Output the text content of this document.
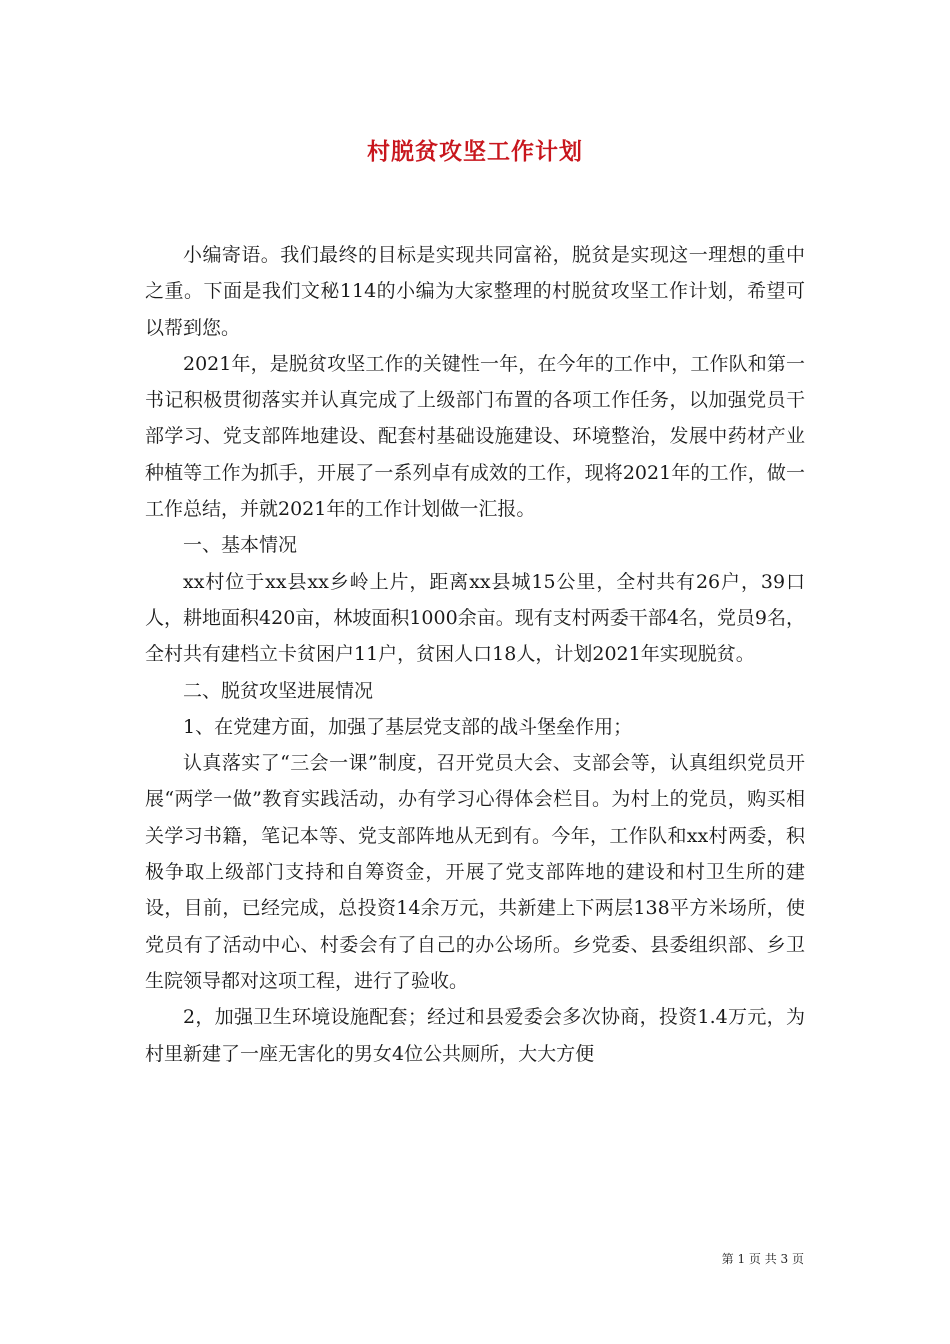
村脱贫攻坚工作计划

小编寄语。我们最终的目标是实现共同富裕，脱贫是实现这一理想的重中之重。下面是我们文秘114的小编为大家整理的村脱贫攻坚工作计划，希望可以帮到您。

2021年，是脱贫攻坚工作的关键性一年，在今年的工作中，工作队和第一书记积极贯彻落实并认真完成了上级部门布置的各项工作任务，以加强党员干部学习、党支部阵地建设、配套村基础设施建设、环境整治，发展中药材产业种植等工作为抓手，开展了一系列卓有成效的工作，现将2021年的工作，做一工作总结，并就2021年的工作计划做一汇报。

一、基本情况

xx村位于xx县xx乡岭上片，距离xx县城15公里，全村共有26户，39口人，耕地面积420亩，林坡面积1000余亩。现有支村两委干部4名，党员9名，全村共有建档立卡贫困户11户，贫困人口18人，计划2021年实现脱贫。

二、脱贫攻坚进展情况

1、在党建方面，加强了基层党支部的战斗堡垒作用；

认真落实了“三会一课”制度，召开党员大会、支部会等，认真组织党员开展“两学一做”教育实践活动，办有学习心得体会栏目。为村上的党员，购买相关学习书籍，笔记本等、党支部阵地从无到有。今年，工作队和xx村两委，积极争取上级部门支持和自筹资金，开展了党支部阵地的建设和村卫生所的建设，目前，已经完成，总投资14余万元，共新建上下两层138平方米场所，使党员有了活动中心、村委会有了自己的办公场所。乡党委、县委组织部、乡卫生院领导都对这项工程，进行了验收。

2，加强卫生环境设施配套；经过和县爱委会多次协商，投资1.4万元，为村里新建了一座无害化的男女4位公共厕所，大大方便

第 1 页 共 3 页
